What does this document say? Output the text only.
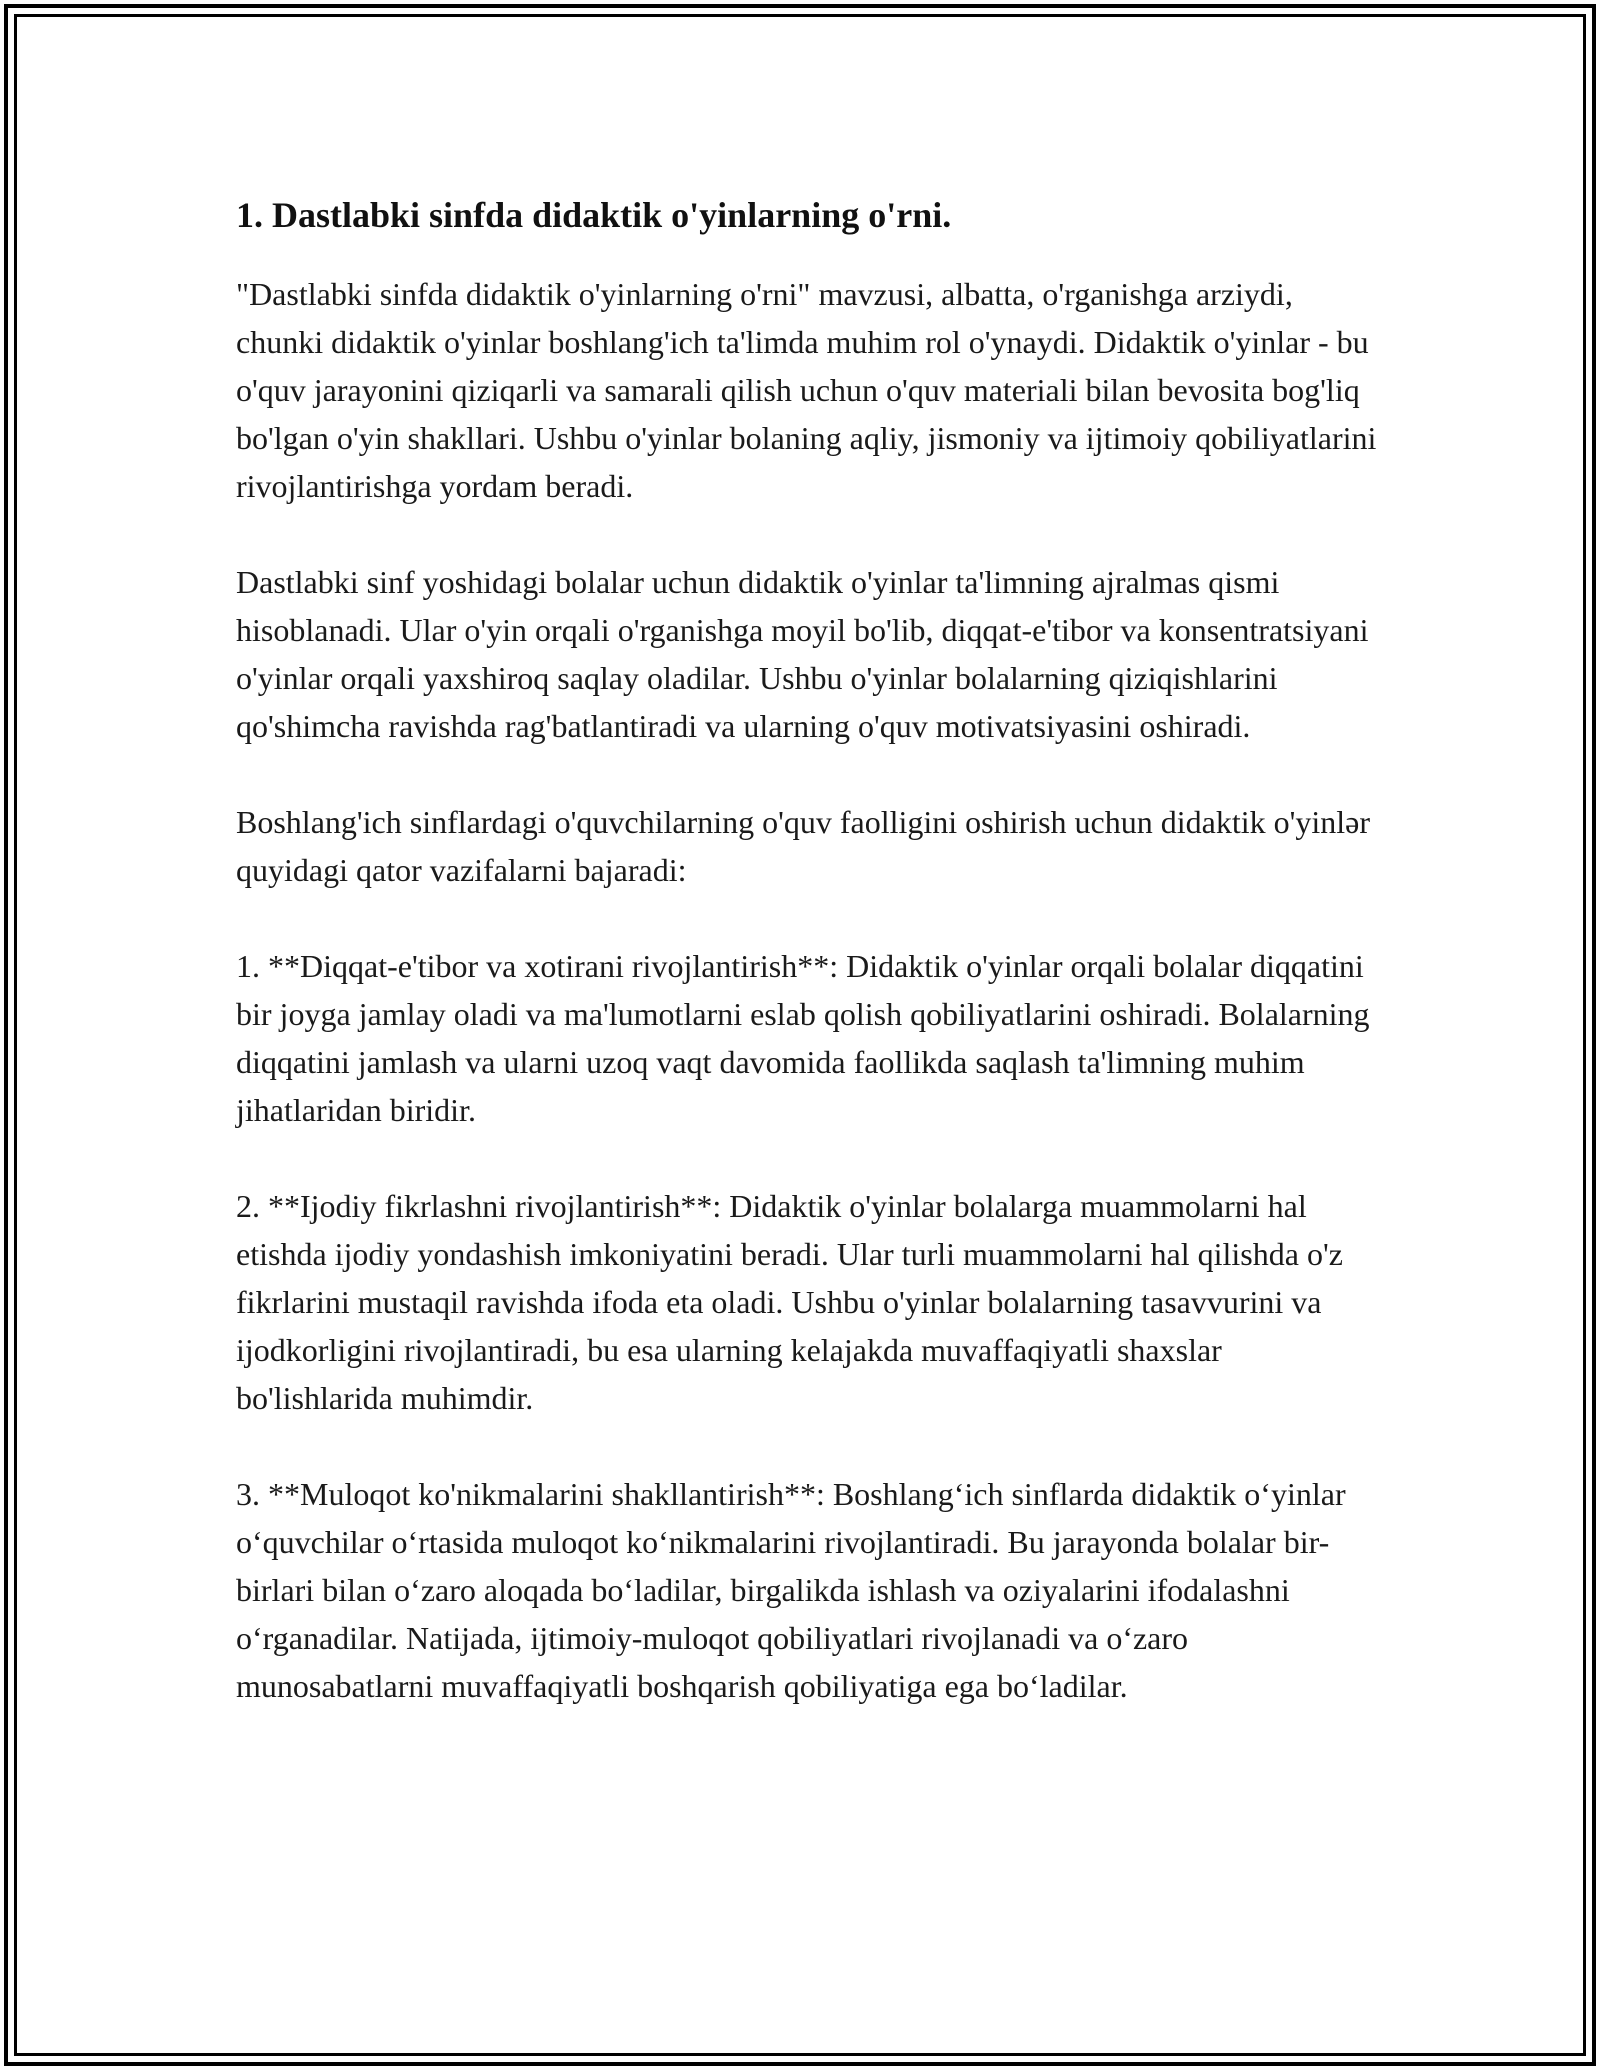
1. Dastlabki sinfda didaktik o'yinlarning o'rni.

"Dastlabki sinfda didaktik o'yinlarning o'rni" mavzusi, albatta, o'rganishga arziydi, chunki didaktik o'yinlar boshlang'ich ta'limda muhim rol o'ynaydi. Didaktik o'yinlar - bu o'quv jarayonini qiziqarli va samarali qilish uchun o'quv materiali bilan bevosita bog'liq bo'lgan o'yin shakllari. Ushbu o'yinlar bolaning aqliy, jismoniy va ijtimoiy qobiliyatlarini rivojlantirishga yordam beradi.

Dastlabki sinf yoshidagi bolalar uchun didaktik o'yinlar ta'limning ajralmas qismi hisoblanadi. Ular o'yin orqali o'rganishga moyil bo'lib, diqqat-e'tibor va konsentratsiyani o'yinlar orqali yaxshiroq saqlay oladilar. Ushbu o'yinlar bolalarning qiziqishlarini qo'shimcha ravishda rag'batlantiradi va ularning o'quv motivatsiyasini oshiradi.

Boshlang'ich sinflardagi o'quvchilarning o'quv faolligini oshirish uchun didaktik o'yinlər quyidagi qator vazifalarni bajaradi:

1. **Diqqat-e'tibor va xotirani rivojlantirish**: Didaktik o'yinlar orqali bolalar diqqatini bir joyga jamlay oladi va ma'lumotlarni eslab qolish qobiliyatlarini oshiradi. Bolalarning diqqatini jamlash va ularni uzoq vaqt davomida faollikda saqlash ta'limning muhim jihatlaridan biridir.

2. **Ijodiy fikrlashni rivojlantirish**: Didaktik o'yinlar bolalarga muammolarni hal etishda ijodiy yondashish imkoniyatini beradi. Ular turli muammolarni hal qilishda o'z fikrlarini mustaqil ravishda ifoda eta oladi. Ushbu o'yinlar bolalarning tasavvurini va ijodkorligini rivojlantiradi, bu esa ularning kelajakda muvaffaqiyatli shaxslar bo'lishlarida muhimdir.

3. **Muloqot ko'nikmalarini shakllantirish**: Boshlang‘ich sinflarda didaktik o‘yinlar o‘quvchilar o‘rtasida muloqot ko‘nikmalarini rivojlantiradi. Bu jarayonda bolalar bir-birlari bilan o‘zaro aloqada bo‘ladilar, birgalikda ishlash va oziyalarini ifodalashni o‘rganadilar. Natijada, ijtimoiy-muloqot qobiliyatlari rivojlanadi va o‘zaro munosabatlarni muvaffaqiyatli boshqarish qobiliyatiga ega bo‘ladilar.
